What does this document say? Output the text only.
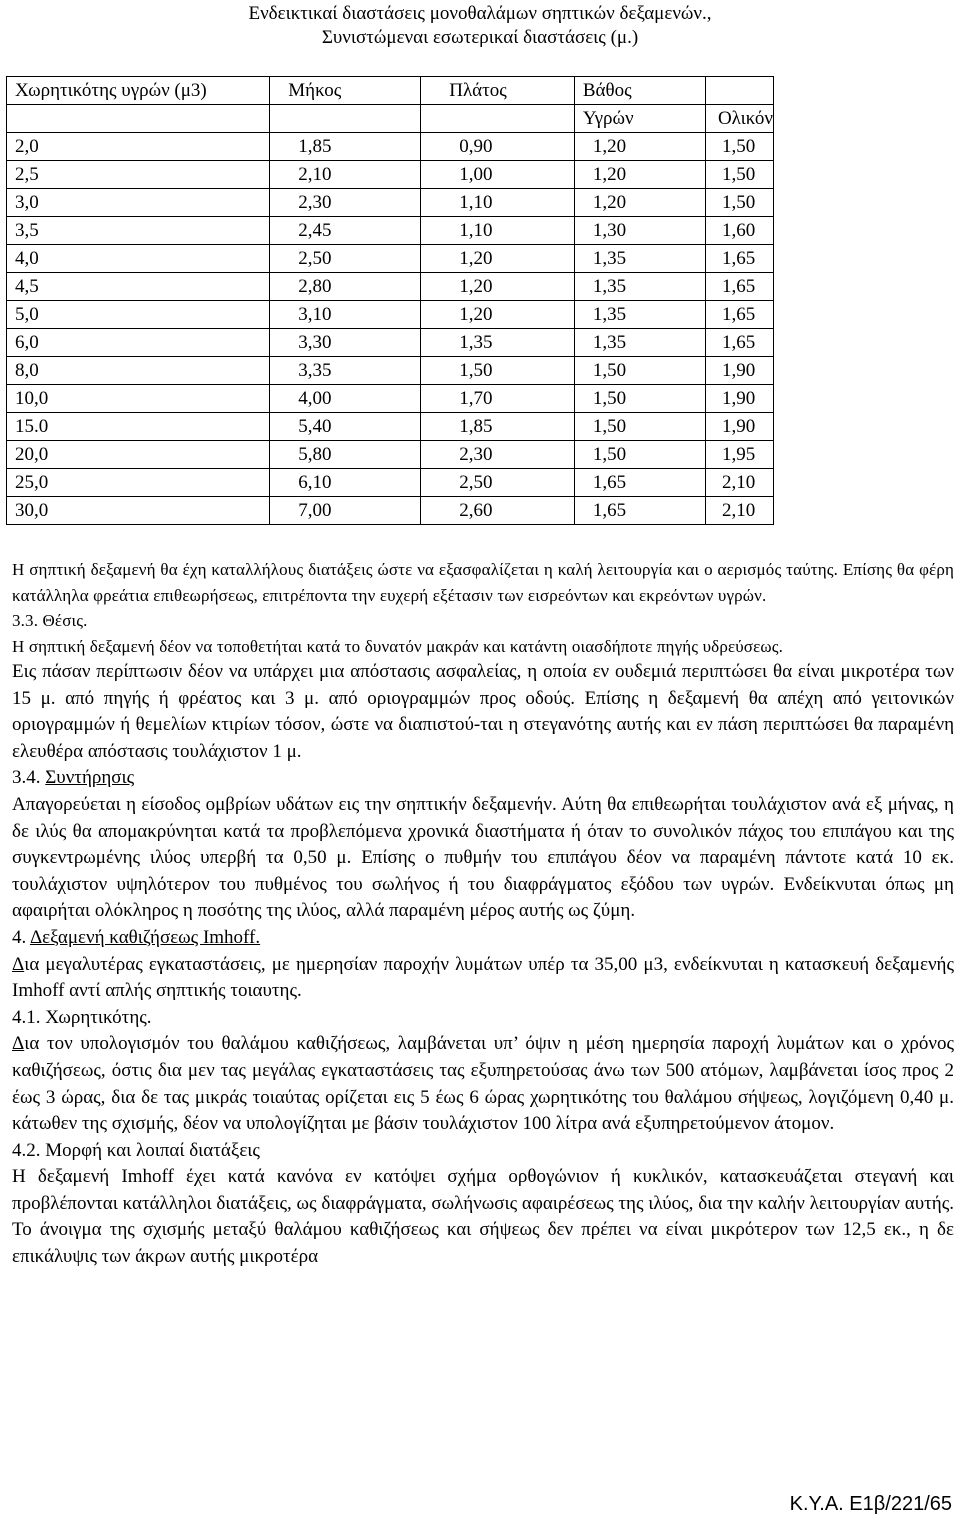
Ενδεικτικαί διαστάσεις μονοθαλάμων σηπτικών δεξαμενών.,
Συνιστώμεναι εσωτερικαί διαστάσεις (μ.)
Χωρητικότης υγρών (μ3)	Μήκος	Πλάτος	Βάθος	
			Υγρών	Ολικόν
2,0	1,85	0,90	1,20	1,50
2,5	2,10	1,00	1,20	1,50
3,0	2,30	1,10	1,20	1,50
3,5	2,45	1,10	1,30	1,60
4,0	2,50	1,20	1,35	1,65
4,5	2,80	1,20	1,35	1,65
5,0	3,10	1,20	1,35	1,65
6,0	3,30	1,35	1,35	1,65
8,0	3,35	1,50	1,50	1,90
10,0	4,00	1,70	1,50	1,90
15.0	5,40	1,85	1,50	1,90
20,0	5,80	2,30	1,50	1,95
25,0	6,10	2,50	1,65	2,10
30,0	7,00	2,60	1,65	2,10

Η σηπτική δεξαμενή θα έχη καταλλήλους διατάξεις ώστε να εξασφαλίζεται η καλή λειτουργία και ο αερισμός ταύτης. Επίσης θα φέρη κατάλληλα φρεάτια επιθεωρήσεως, επιτρέποντα την ευχερή εξέτασιν των εισρεόντων και εκρεόντων υγρών.

3.3. Θέσις.

Η σηπτική δεξαμενή δέον να τοποθετήται κατά το δυνατόν μακράν και κατάντη οιασδήποτε πηγής υδρεύσεως.

Εις πάσαν περίπτωσιν δέον να υπάρχει μια απόστασις ασφαλείας, η οποία εν ουδεμιά περιπτώσει θα είναι μικροτέρα των 15 μ. από πηγής ή φρέατος και 3 μ. από οριογραμμών προς οδούς. Επίσης η δεξαμενή θα απέχη από γειτονικών οριογραμμών ή θεμελίων κτιρίων τόσον, ώστε να διαπιστού-ται η στεγανότης αυτής και εν πάση περιπτώσει θα παραμένη ελευθέρα απόστασις τουλάχιστον 1 μ.

3.4. Συντήρησις

Απαγορεύεται η είσοδος ομβρίων υδάτων εις την σηπτικήν δεξαμενήν. Αύτη θα επιθεωρήται τουλάχιστον ανά εξ μήνας, η δε ιλύς θα απομακρύνηται κατά τα προβλεπόμενα χρονικά διαστήματα ή όταν το συνολικόν πάχος του επιπάγου και της συγκεντρωμένης ιλύος υπερβή τα 0,50 μ. Επίσης ο πυθμήν του επιπάγου δέον να παραμένη πάντοτε κατά 10 εκ. τουλάχιστον υψηλότερον του πυθμένος του σωλήνος ή του διαφράγματος εξόδου των υγρών. Ενδείκνυται όπως μη αφαιρήται ολόκληρος η ποσότης της ιλύος, αλλά παραμένη μέρος αυτής ως ζύμη.

4. Δεξαμενή καθιζήσεως Imhoff.

Δια μεγαλυτέρας εγκαταστάσεις, με ημερησίαν παροχήν λυμάτων υπέρ τα 35,00 μ3, ενδείκνυται η κατασκευή δεξαμενής Imhoff αντί απλής σηπτικής τοιαυτης.

4.1. Χωρητικότης.

Δια τον υπολογισμόν του θαλάμου καθιζήσεως, λαμβάνεται υπ’ όψιν η μέση ημερησία παροχή λυμάτων και ο χρόνος καθιζήσεως, όστις δια μεν τας μεγάλας εγκαταστάσεις τας εξυπηρετούσας άνω των 500 ατόμων, λαμβάνεται ίσος προς 2 έως 3 ώρας, δια δε τας μικράς τοιαύτας ορίζεται εις 5 έως 6 ώρας χωρητικότης του θαλάμου σήψεως, λογιζόμενη 0,40 μ. κάτωθεν της σχισμής, δέον να υπολογίζηται με βάσιν τουλάχιστον 100 λίτρα ανά εξυπηρετούμενον άτομον.

4.2. Μορφή και λοιπαί διατάξεις

Η δεξαμενή Imhoff έχει κατά κανόνα εν κατόψει σχήμα ορθογώνιον ή κυκλικόν, κατασκευάζεται στεγανή και προβλέπονται κατάλληλοι διατάξεις, ως διαφράγματα, σωλήνωσις αφαιρέσεως της ιλύος, δια την καλήν λειτουργίαν αυτής. Το άνοιγμα της σχισμής μεταξύ θαλάμου καθιζήσεως και σήψεως δεν πρέπει να είναι μικρότερον των 12,5 εκ., η δε επικάλυψις των άκρων αυτής μικροτέρα

Κ.Υ.Α. Ε1β/221/65
